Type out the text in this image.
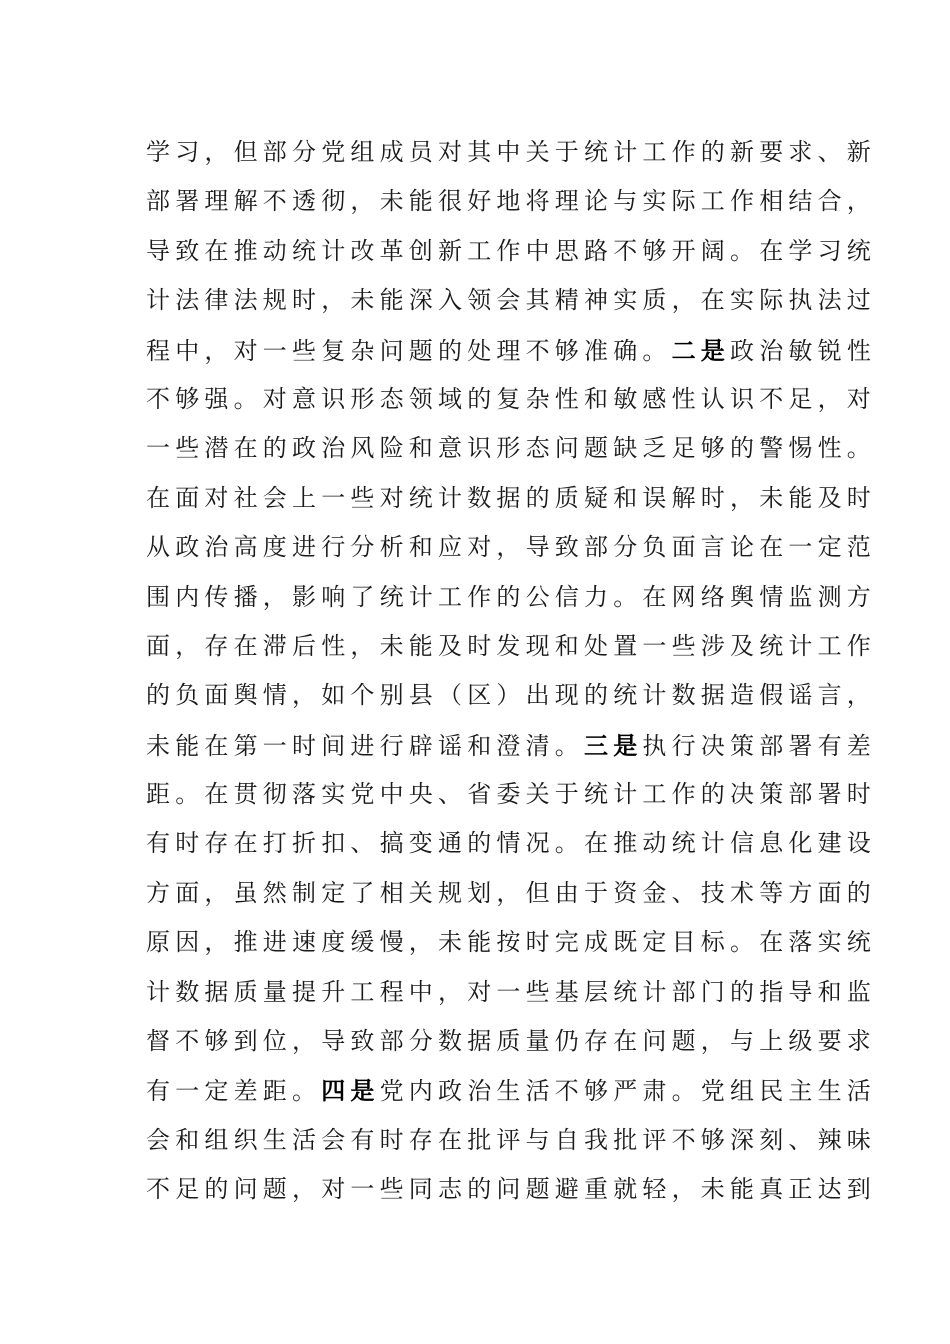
学习，但部分党组成员对其中关于统计工作的新要求、新
部署理解不透彻，未能很好地将理论与实际工作相结合，
导致在推动统计改革创新工作中思路不够开阔。在学习统
计法律法规时，未能深入领会其精神实质，在实际执法过
程中，对一些复杂问题的处理不够准确。二是政治敏锐性
不够强。对意识形态领域的复杂性和敏感性认识不足，对
一些潜在的政治风险和意识形态问题缺乏足够的警惕性。
在面对社会上一些对统计数据的质疑和误解时，未能及时
从政治高度进行分析和应对，导致部分负面言论在一定范
围内传播，影响了统计工作的公信力。在网络舆情监测方
面，存在滞后性，未能及时发现和处置一些涉及统计工作
的负面舆情，如个别县（区）出现的统计数据造假谣言，
未能在第一时间进行辟谣和澄清。三是执行决策部署有差
距。在贯彻落实党中央、省委关于统计工作的决策部署时
有时存在打折扣、搞变通的情况。在推动统计信息化建设
方面，虽然制定了相关规划，但由于资金、技术等方面的
原因，推进速度缓慢，未能按时完成既定目标。在落实统
计数据质量提升工程中，对一些基层统计部门的指导和监
督不够到位，导致部分数据质量仍存在问题，与上级要求
有一定差距。四是党内政治生活不够严肃。党组民主生活
会和组织生活会有时存在批评与自我批评不够深刻、辣味
不足的问题，对一些同志的问题避重就轻，未能真正达到
